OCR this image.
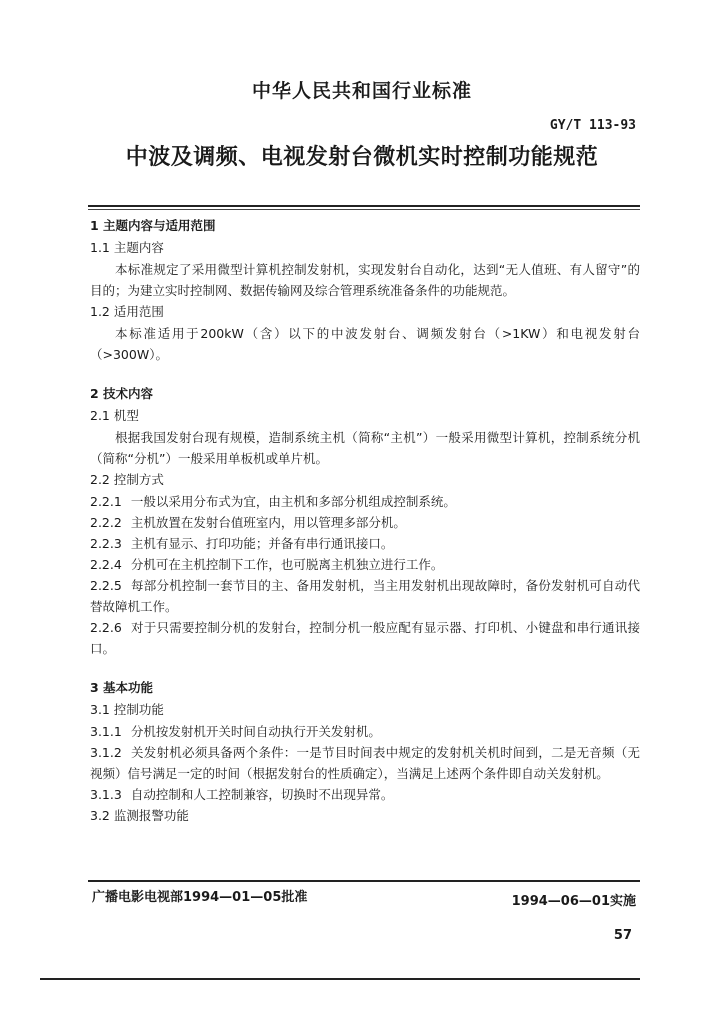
中华人民共和国行业标准
GY/T 113-93
中波及调频、电视发射台微机实时控制功能规范
1 主题内容与适用范围
1.1 主题内容
本标准规定了采用微型计算机控制发射机，实现发射台自动化，达到“无人值班、有人留守”的目的；为建立实时控制网、数据传输网及综合管理系统准备条件的功能规范。
1.2 适用范围
本标准适用于200kW（含）以下的中波发射台、调频发射台（>1KW）和电视发射台（>300W）。
2 技术内容
2.1 机型
根据我国发射台现有规模，造制系统主机（简称“主机”）一般采用微型计算机，控制系统分机（简称“分机”）一般采用单板机或单片机。
2.2 控制方式
2.2.1 一般以采用分布式为宜，由主机和多部分机组成控制系统。
2.2.2 主机放置在发射台值班室内，用以管理多部分机。
2.2.3 主机有显示、打印功能；并备有串行通讯接口。
2.2.4 分机可在主机控制下工作，也可脱离主机独立进行工作。
2.2.5 每部分机控制一套节目的主、备用发射机，当主用发射机出现故障时，备份发射机可自动代替故障机工作。
2.2.6 对于只需要控制分机的发射台，控制分机一般应配有显示器、打印机、小键盘和串行通讯接口。
3 基本功能
3.1 控制功能
3.1.1 分机按发射机开关时间自动执行开关发射机。
3.1.2 关发射机必须具备两个条件：一是节目时间表中规定的发射机关机时间到，二是无音频（无视频）信号满足一定的时间（根据发射台的性质确定），当满足上述两个条件即自动关发射机。
3.1.3 自动控制和人工控制兼容，切换时不出现异常。
3.2 监测报警功能
广播电影电视部1994—01—05批准	1994—06—01实施
57
